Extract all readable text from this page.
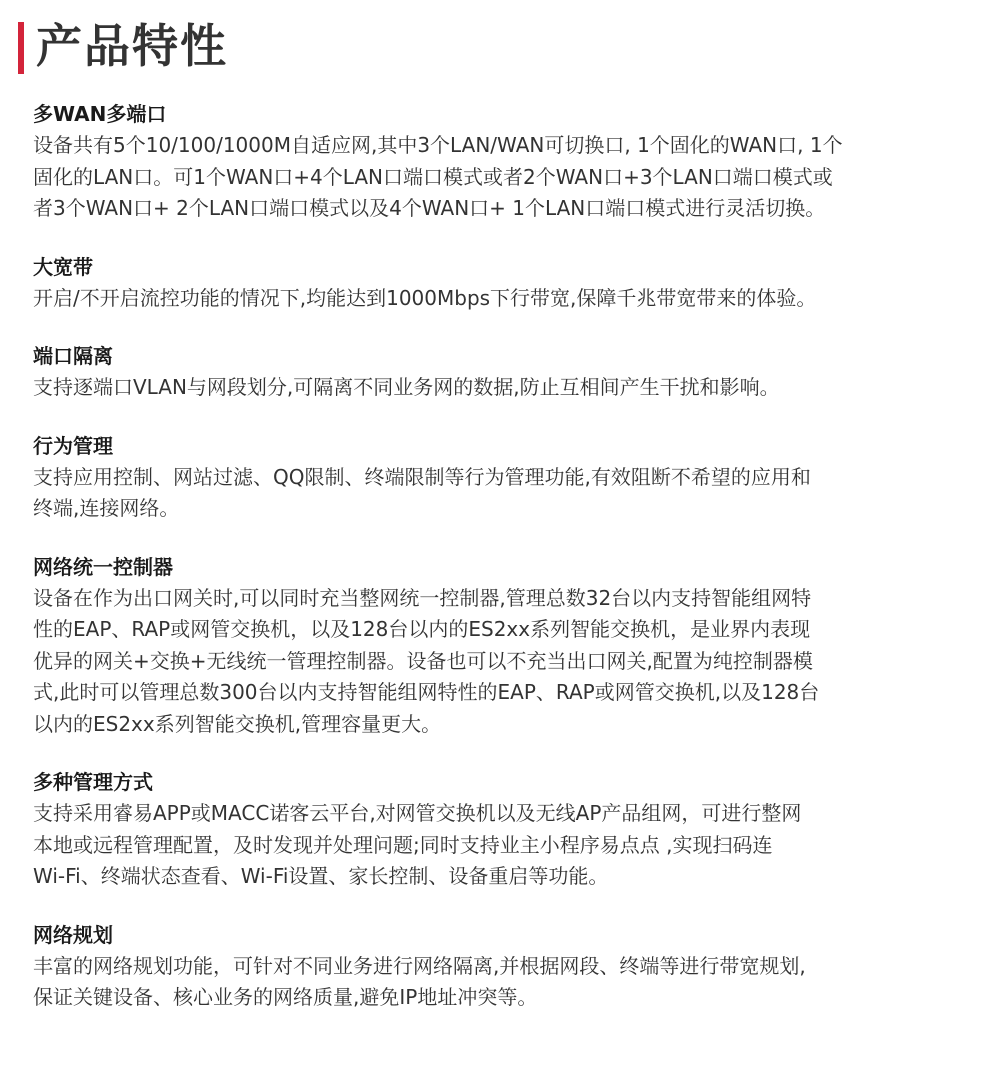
产品特性
多WAN多端口

设备共有5个10/100/1000M自适应网,其中3个LAN/WAN可切换口, 1个固化的WAN口, 1个
固化的LAN口。可1个WAN口+4个LAN口端口模式或者2个WAN口+3个LAN口端口模式或
者3个WAN口+ 2个LAN口端口模式以及4个WAN口+ 1个LAN口端口模式进行灵活切换。

大宽带

开启/不开启流控功能的情况下,均能达到1000Mbps下行带宽,保障千兆带宽带来的体验。

端口隔离

支持逐端口VLAN与网段划分,可隔离不同业务网的数据,防止互相间产生干扰和影响。

行为管理

支持应用控制、网站过滤、QQ限制、终端限制等行为管理功能,有效阻断不希望的应用和
终端,连接网络。

网络统一控制器

设备在作为出口网关时,可以同时充当整网统一控制器,管理总数32台以内支持智能组网特
性的EAP、RAP或网管交换机，以及128台以内的ES2xx系列智能交换机，是业界内表现
优异的网关+交换+无线统一管理控制器。设备也可以不充当出口网关,配置为纯控制器模
式,此时可以管理总数300台以内支持智能组网特性的EAP、RAP或网管交换机,以及128台
以内的ES2xx系列智能交换机,管理容量更大。

多种管理方式

支持采用睿易APP或MACC诺客云平台,对网管交换机以及无线AP产品组网，可进行整网
本地或远程管理配置，及时发现并处理问题;同时支持业主小程序易点点 ,实现扫码连
Wi-Fi、终端状态查看、Wi-Fi设置、家长控制、设备重启等功能。

网络规划

丰富的网络规划功能，可针对不同业务进行网络隔离,并根据网段、终端等进行带宽规划,
保证关键设备、核心业务的网络质量,避免IP地址冲突等。
